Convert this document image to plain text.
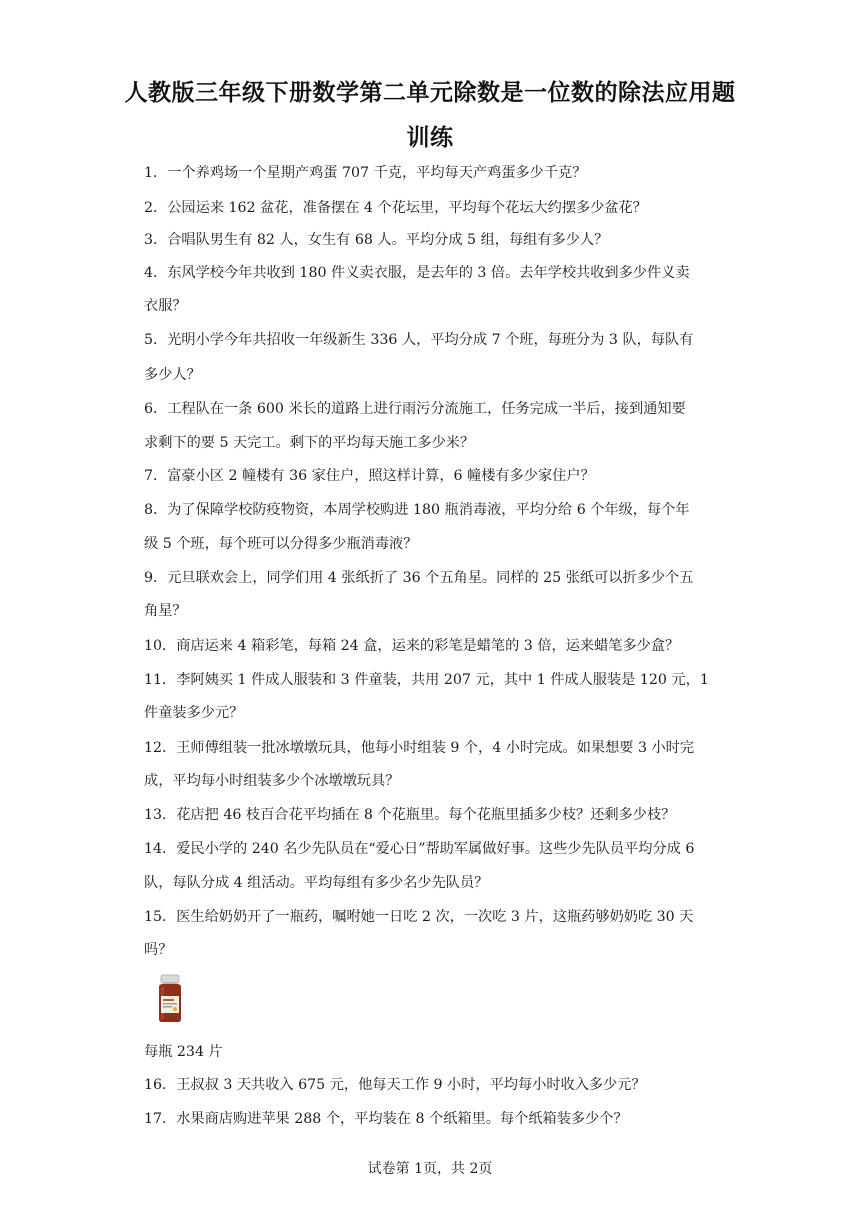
人教版三年级下册数学第二单元除数是一位数的除法应用题
训练
1．一个养鸡场一个星期产鸡蛋 707 千克，平均每天产鸡蛋多少千克？
2．公园运来 162 盆花，准备摆在 4 个花坛里，平均每个花坛大约摆多少盆花？
3．合唱队男生有 82 人，女生有 68 人。平均分成 5 组，每组有多少人？
4．东风学校今年共收到 180 件义卖衣服，是去年的 3 倍。去年学校共收到多少件义卖
衣服？
5．光明小学今年共招收一年级新生 336 人，平均分成 7 个班，每班分为 3 队，每队有
多少人？
6．工程队在一条 600 米长的道路上进行雨污分流施工，任务完成一半后，接到通知要
求剩下的要 5 天完工。剩下的平均每天施工多少米？
7．富豪小区 2 幢楼有 36 家住户，照这样计算，6 幢楼有多少家住户？
8．为了保障学校防疫物资，本周学校购进 180 瓶消毒液，平均分给 6 个年级，每个年
级 5 个班，每个班可以分得多少瓶消毒液？
9．元旦联欢会上，同学们用 4 张纸折了 36 个五角星。同样的 25 张纸可以折多少个五
角星？
10．商店运来 4 箱彩笔，每箱 24 盒，运来的彩笔是蜡笔的 3 倍，运来蜡笔多少盒？
11．李阿姨买 1 件成人服装和 3 件童装，共用 207 元，其中 1 件成人服装是 120 元，1
件童装多少元？
12．王师傅组装一批冰墩墩玩具，他每小时组装 9 个，4 小时完成。如果想要 3 小时完
成，平均每小时组装多少个冰墩墩玩具？
13．花店把 46 枝百合花平均插在 8 个花瓶里。每个花瓶里插多少枝？还剩多少枝？
14．爱民小学的 240 名少先队员在“爱心日”帮助军属做好事。这些少先队员平均分成 6
队，每队分成 4 组活动。平均每组有多少名少先队员？
15．医生给奶奶开了一瓶药，嘱咐她一日吃 2 次，一次吃 3 片，这瓶药够奶奶吃 30 天
吗？
每瓶 234 片
16．王叔叔 3 天共收入 675 元，他每天工作 9 小时，平均每小时收入多少元？
17．水果商店购进苹果 288 个，平均装在 8 个纸箱里。每个纸箱装多少个？
试卷第 1页，共 2页
